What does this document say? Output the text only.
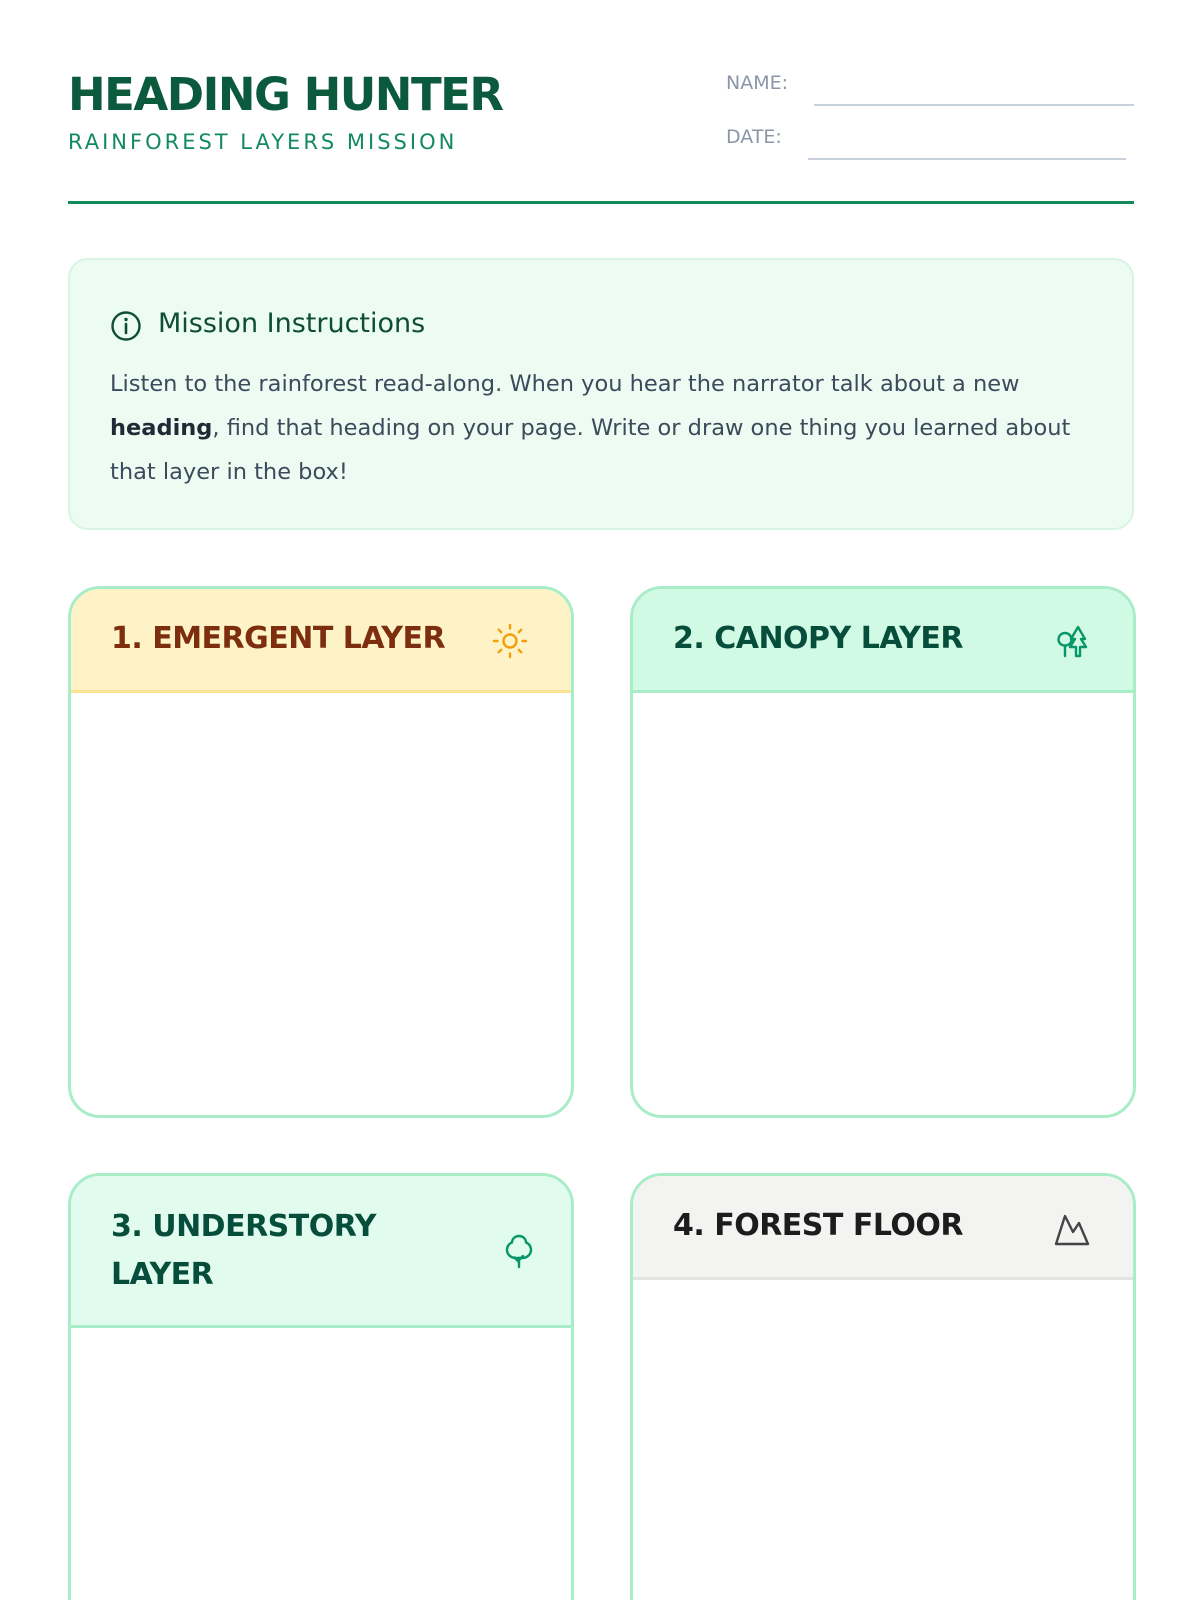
HEADING HUNTER
RAINFOREST LAYERS MISSION
NAME:
DATE:
Mission Instructions
Listen to the rainforest read-along. When you hear the narrator talk about a new heading, find that heading on your page. Write or draw one thing you learned about that layer in the box!
1. EMERGENT LAYER	2. CANOPY LAYER
3. UNDERSTORY LAYER
4. FOREST FLOOR
